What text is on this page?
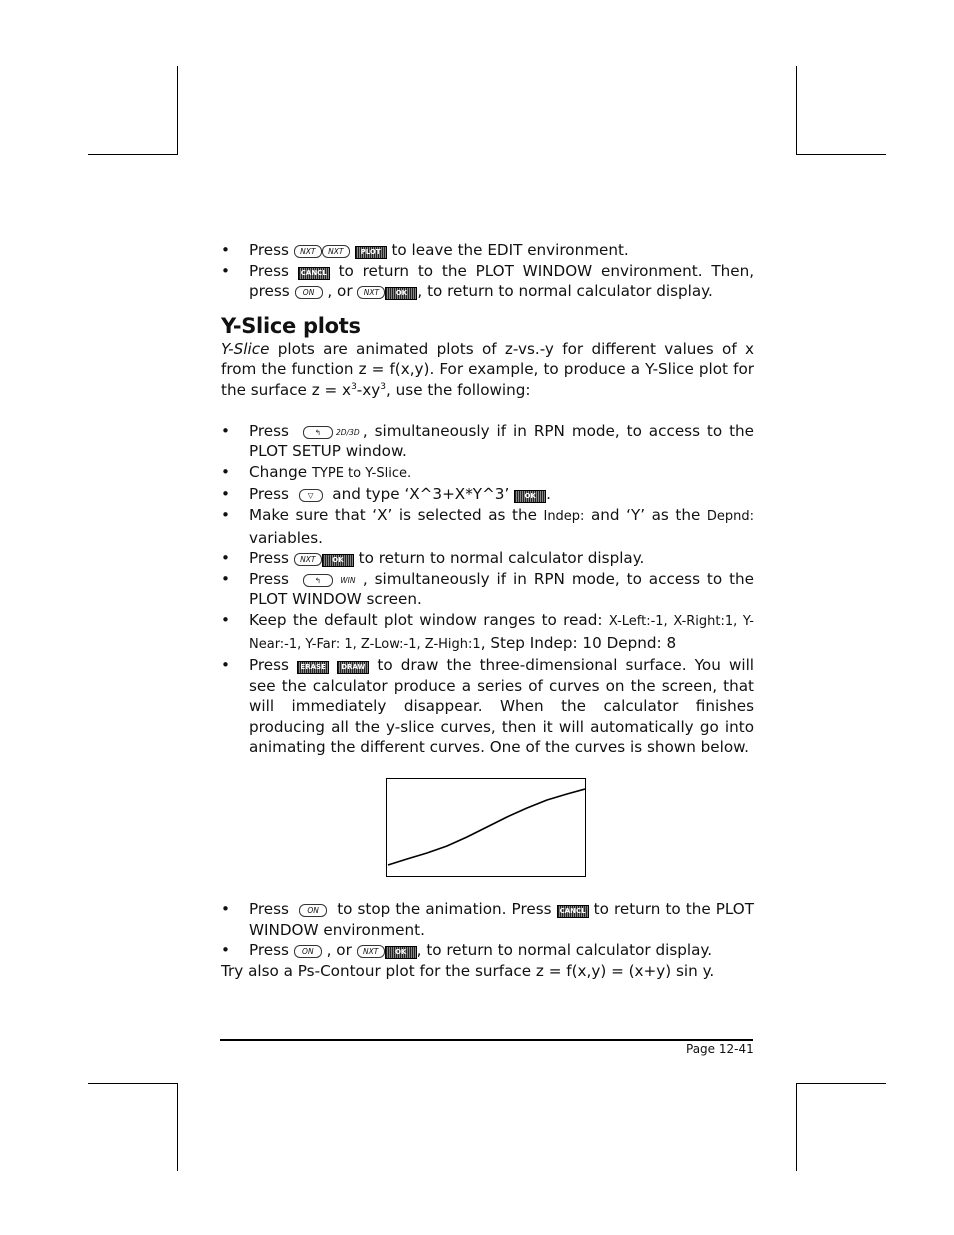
• Press NXT NXT PLOT to leave the EDIT environment.
• Press CANCL to return to the PLOT WINDOW environment. Then, press ON , or NXT OK , to return to normal calculator display.
Y-Slice plots
Y-Slice plots are animated plots of z-vs.-y for different values of x from the function z = f(x,y). For example, to produce a Y-Slice plot for the surface $z = x^3-xy^3$, use the following:
• Press	↰ 2D/3D , simultaneously if in RPN mode, to access to the PLOT SETUP window.
• Change TYPE to Y-Slice.
• Press	▽ and type ‘X^3+X*Y^3’ OK .
• Make sure that ‘X’ is selected as the Indep: and ‘Y’ as the Depnd: variables.
• Press NXT OK to return to normal calculator display.
• Press	↰	WIN , simultaneously if in RPN mode, to access to the PLOT WINDOW screen.
• Keep the default plot window ranges to read: X-Left:-1, X-Right:1, Y-Near:-1, Y-Far: 1, Z-Low:-1, Z-High:1, Step Indep: 10 Depnd: 8
• Press ERASE DRAW to draw the three-dimensional surface. You will see the calculator produce a series of curves on the screen, that will immediately disappear. When the calculator finishes producing all the y-slice curves, then it will automatically go into animating the different curves. One of the curves is shown below.
• Press ON to stop the animation. Press CANCL to return to the PLOT WINDOW environment.
• Press ON , or NXT OK , to return to normal calculator display.
Try also a Ps-Contour plot for the surface z = f(x,y) = (x+y) sin y.
Page 12-41
